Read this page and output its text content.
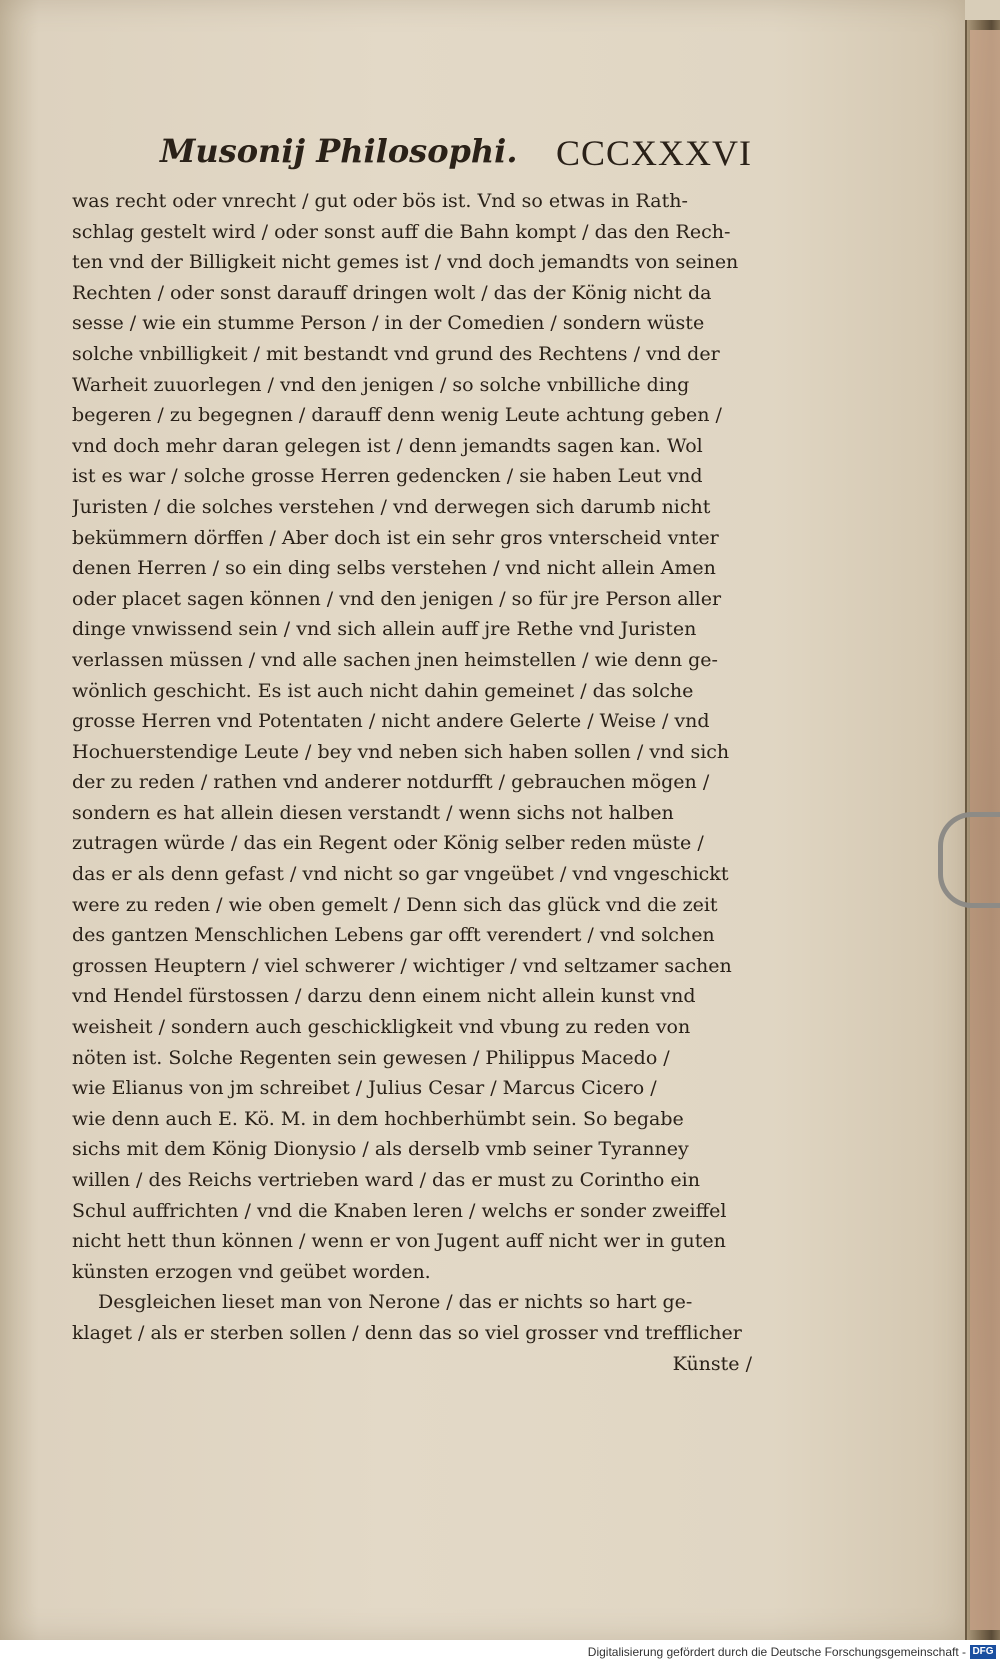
Musonij Philosophi. CCCXXXVI
was recht oder vnrecht / gut oder bös ist. Vnd so etwas in Rath-
schlag gestelt wird / oder sonst auff die Bahn kompt / das den Rech-
ten vnd der Billigkeit nicht gemes ist / vnd doch jemandts von seinen
Rechten / oder sonst darauff dringen wolt / das der König nicht da
sesse / wie ein stumme Person / in der Comedien / sondern wüste
solche vnbilligkeit / mit bestandt vnd grund des Rechtens / vnd der
Warheit zuuorlegen / vnd den jenigen / so solche vnbilliche ding
begeren / zu begegnen / darauff denn wenig Leute achtung geben /
vnd doch mehr daran gelegen ist / denn jemandts sagen kan. Wol
ist es war / solche grosse Herren gedencken / sie haben Leut vnd
Juristen / die solches verstehen / vnd derwegen sich darumb nicht
bekümmern dörffen / Aber doch ist ein sehr gros vnterscheid vnter
denen Herren / so ein ding selbs verstehen / vnd nicht allein Amen
oder placet sagen können / vnd den jenigen / so für jre Person aller
dinge vnwissend sein / vnd sich allein auff jre Rethe vnd Juristen
verlassen müssen / vnd alle sachen jnen heimstellen / wie denn ge-
wönlich geschicht. Es ist auch nicht dahin gemeinet / das solche
grosse Herren vnd Potentaten / nicht andere Gelerte / Weise / vnd
Hochuerstendige Leute / bey vnd neben sich haben sollen / vnd sich
der zu reden / rathen vnd anderer notdurfft / gebrauchen mögen /
sondern es hat allein diesen verstandt / wenn sichs not halben
zutragen würde / das ein Regent oder König selber reden müste /
das er als denn gefast / vnd nicht so gar vngeübet / vnd vngeschickt
were zu reden / wie oben gemelt / Denn sich das glück vnd die zeit
des gantzen Menschlichen Lebens gar offt verendert / vnd solchen
grossen Heuptern / viel schwerer / wichtiger / vnd seltzamer sachen
vnd Hendel fürstossen / darzu denn einem nicht allein kunst vnd
weisheit / sondern auch geschickligkeit vnd vbung zu reden von
nöten ist. Solche Regenten sein gewesen / Philippus Macedo /
wie Elianus von jm schreibet / Julius Cesar / Marcus Cicero /
wie denn auch E. Kö. M. in dem hochberhümbt sein. So begabe
sichs mit dem König Dionysio / als derselb vmb seiner Tyranney
willen / des Reichs vertrieben ward / das er must zu Corintho ein
Schul auffrichten / vnd die Knaben leren / welchs er sonder zweiffel
nicht hett thun können / wenn er von Jugent auff nicht wer in guten
künsten erzogen vnd geübet worden.
Desgleichen lieset man von Nerone / das er nichts so hart ge-
klaget / als er sterben sollen / denn das so viel grosser vnd trefflicher
Künste /
Digitalisierung gefördert durch die Deutsche Forschungsgemeinschaft - DFG
